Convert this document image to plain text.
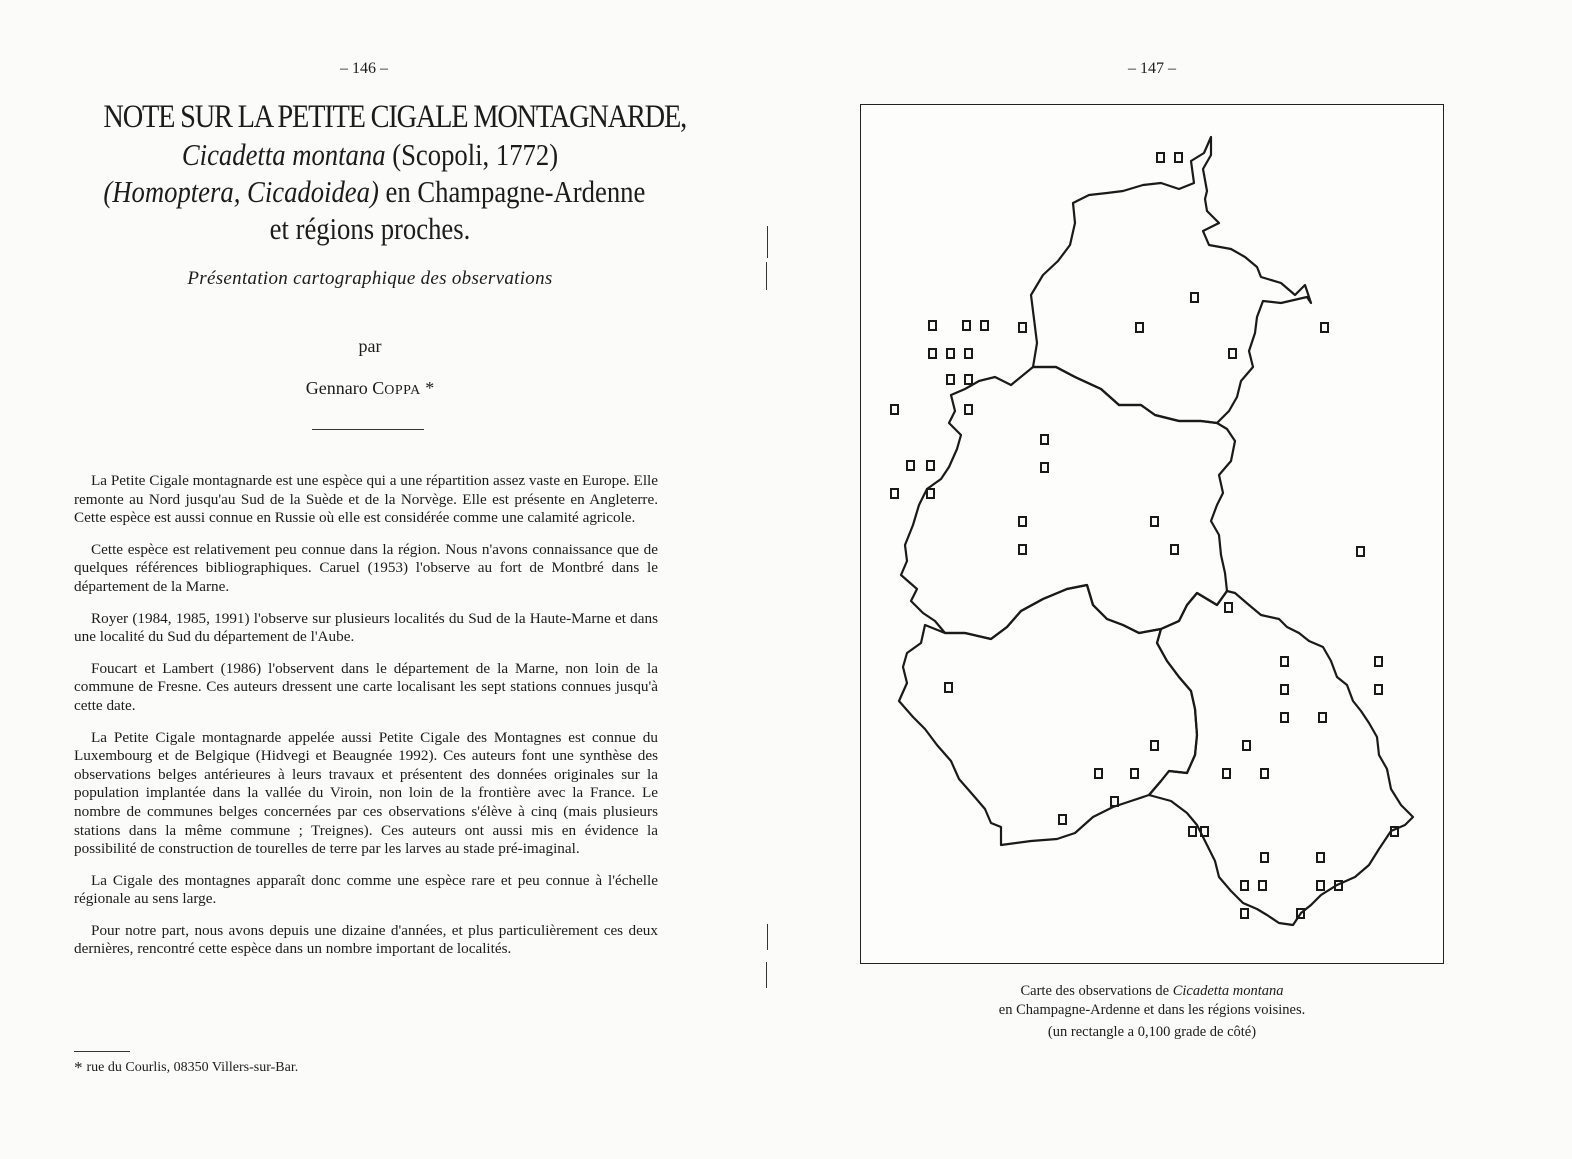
– 146 –
NOTE SUR LA PETITE CIGALE MONTAGNARDE,
Cicadetta montana (Scopoli, 1772)
(Homoptera, Cicadoidea) en Champagne-Ardenne
et régions proches.
Présentation cartographique des observations
par
Gennaro COPPA *

La Petite Cigale montagnarde est une espèce qui a une répartition assez vaste en Europe. Elle remonte au Nord jusqu'au Sud de la Suède et de la Norvège. Elle est présente en Angleterre. Cette espèce est aussi connue en Russie où elle est considérée comme une calamité agricole.

Cette espèce est relativement peu connue dans la région. Nous n'avons connaissance que de quelques références bibliographiques. Caruel (1953) l'observe au fort de Montbré dans le département de la Marne.

Royer (1984, 1985, 1991) l'observe sur plusieurs localités du Sud de la Haute-Marne et dans une localité du Sud du département de l'Aube.

Foucart et Lambert (1986) l'observent dans le département de la Marne, non loin de la commune de Fresne. Ces auteurs dressent une carte localisant les sept stations connues jusqu'à cette date.

La Petite Cigale montagnarde appelée aussi Petite Cigale des Montagnes est connue du Luxembourg et de Belgique (Hidvegi et Beaugnée 1992). Ces auteurs font une synthèse des observations belges antérieures à leurs travaux et présentent des données originales sur la population implantée dans la vallée du Viroin, non loin de la frontière avec la France. Le nombre de communes belges concernées par ces observations s'élève à cinq (mais plusieurs stations dans la même commune ; Treignes). Ces auteurs ont aussi mis en évidence la possibilité de construction de tourelles de terre par les larves au stade pré-imaginal.

La Cigale des montagnes apparaît donc comme une espèce rare et peu connue à l'échelle régionale au sens large.

Pour notre part, nous avons depuis une dizaine d'années, et plus particulièrement ces deux dernières, rencontré cette espèce dans un nombre important de localités.

* rue du Courlis, 08350 Villers-sur-Bar.
– 147 –
Carte des observations de Cicadetta montana
en Champagne-Ardenne et dans les régions voisines.
(un rectangle a 0,100 grade de côté)
